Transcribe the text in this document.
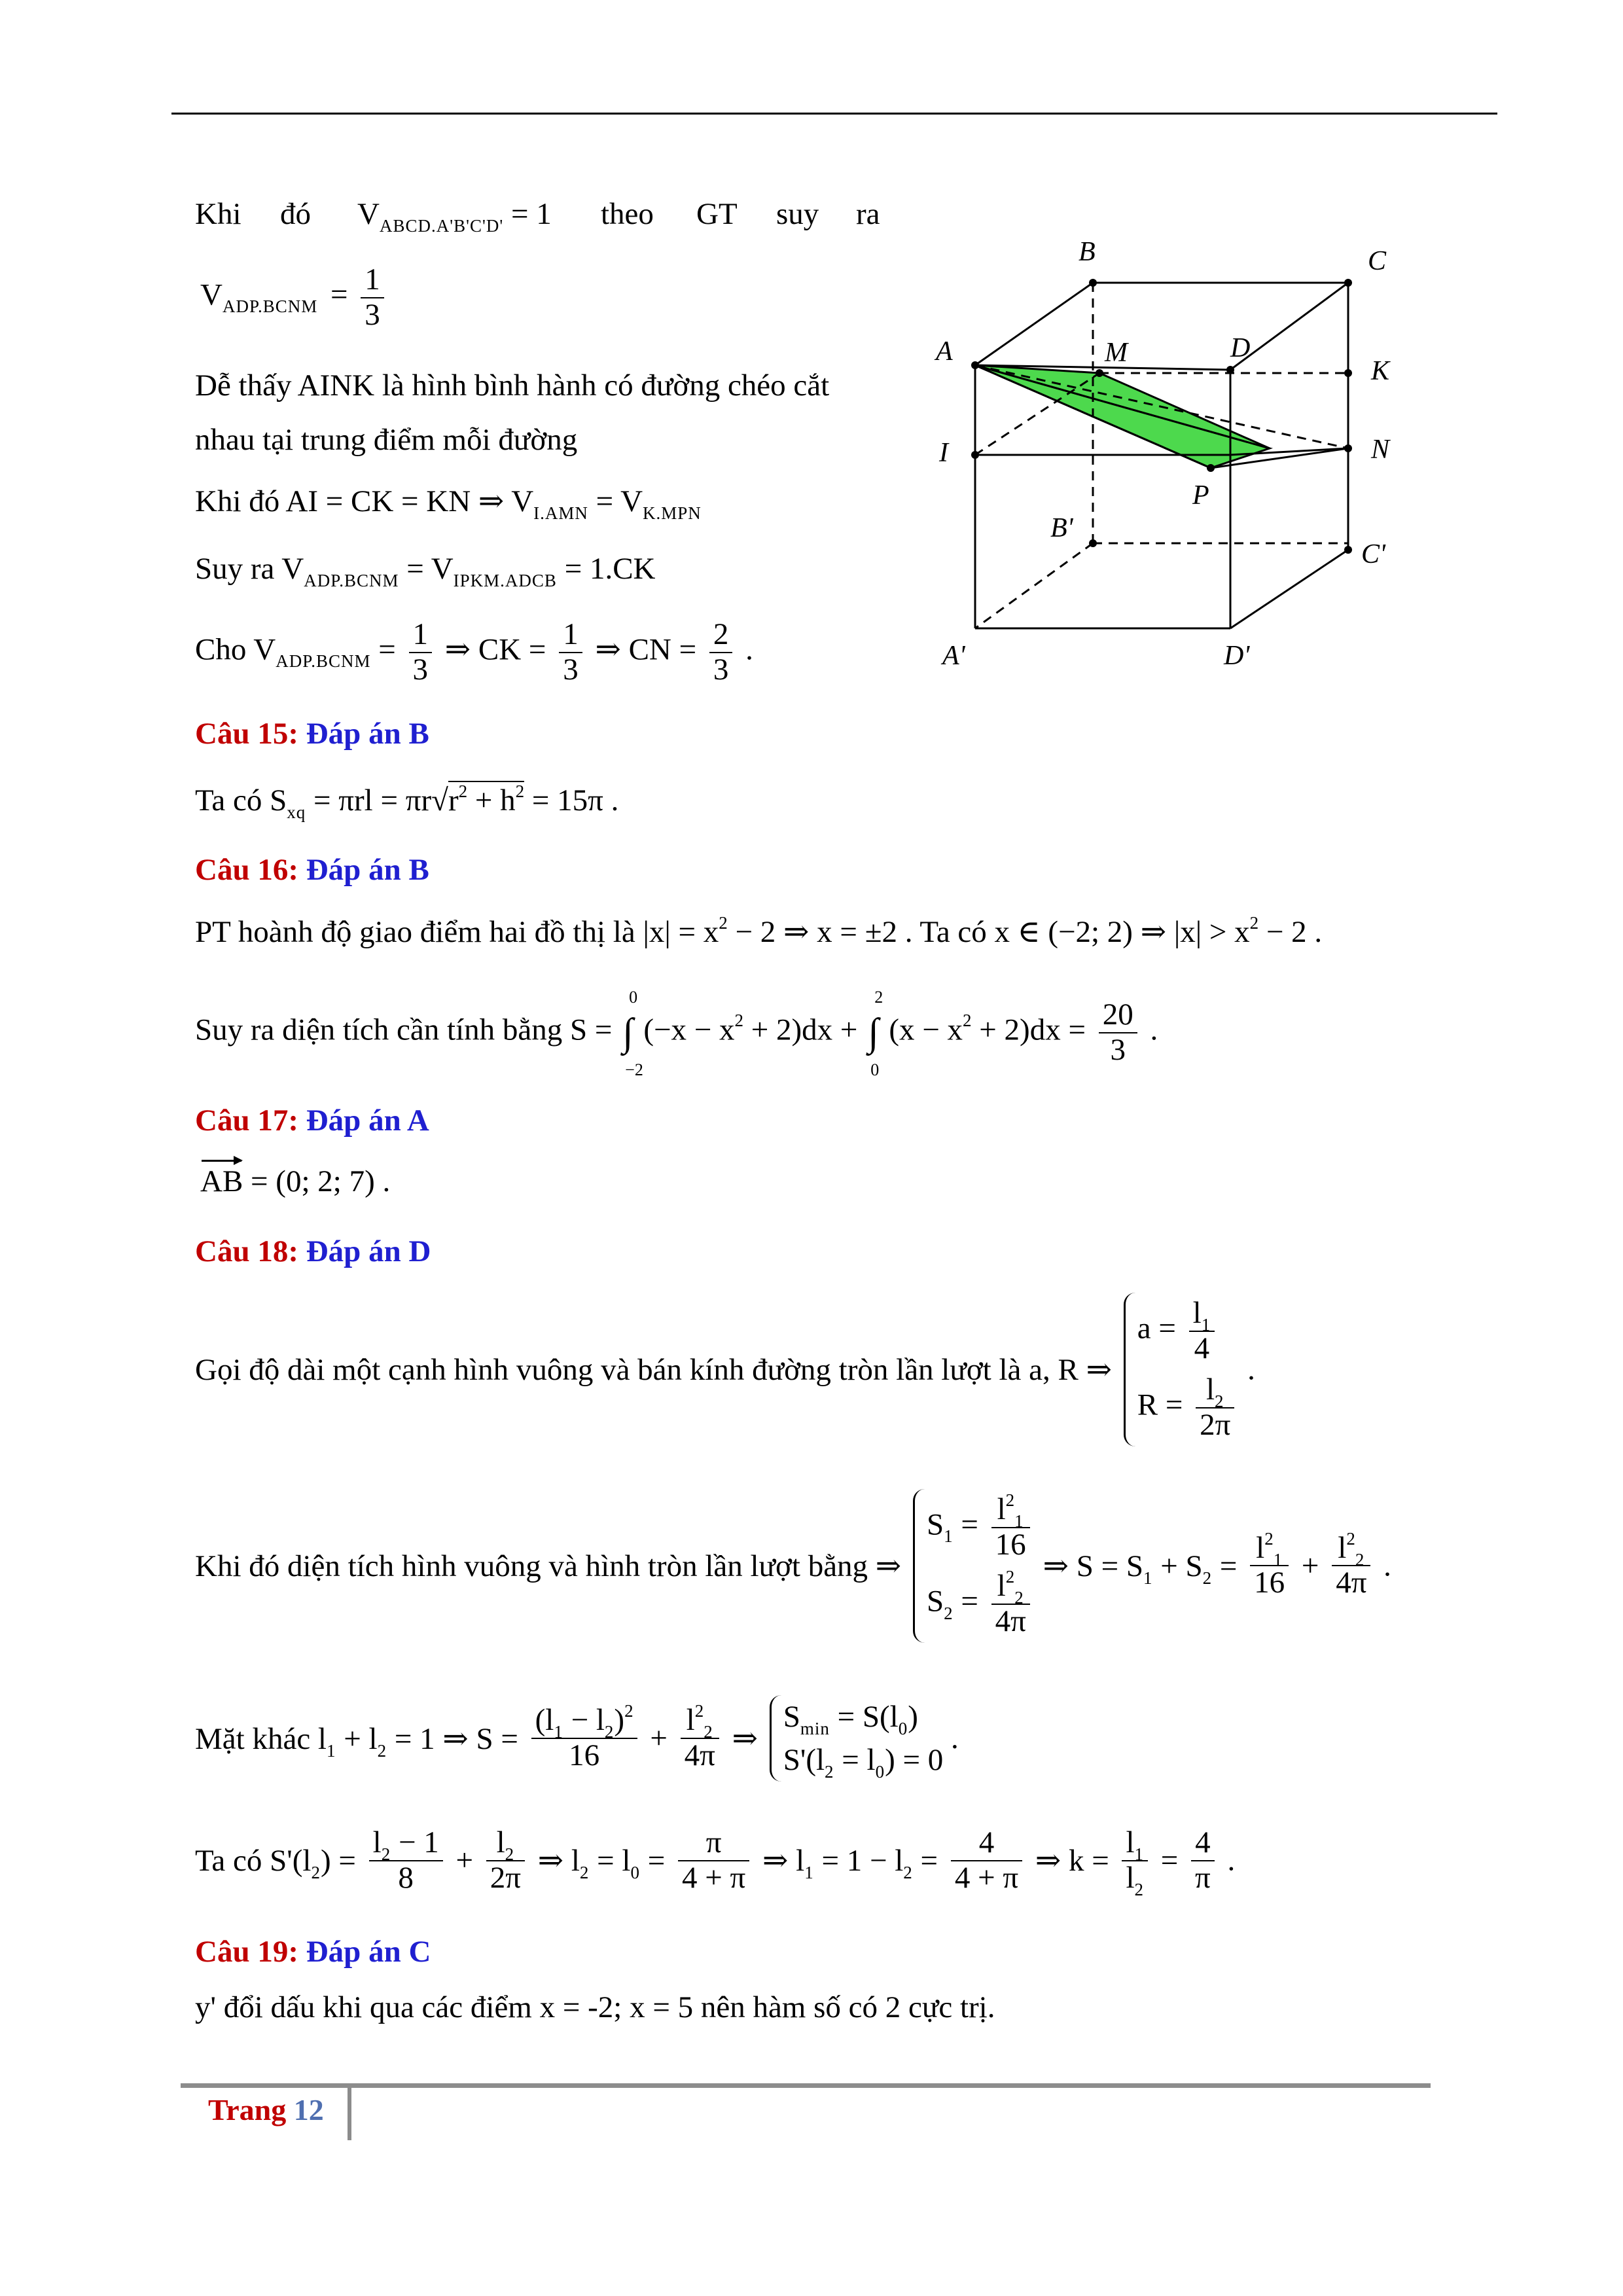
Khi đó $V_{ABCD.A'B'C'D'} = 1$ theo GT suy ra
$V_{ADP.BCNM} = \frac{1}{3}$
Dễ thấy AINK là hình bình hành có đường chéo cắt
nhau tại trung điểm mỗi đường
Khi đó AI = CK = KN ⇒ $V_{I.AMN} = V_{K.MPN}$
Suy ra $V_{ADP.BCNM} = V_{IPKM.ADCB} = 1.CK$
Cho $V_{ADP.BCNM} = \frac{1}{3}$ ⇒ CK = $\frac{1}{3}$ ⇒ CN = $\frac{2}{3}$ .
B	C
A	M	D
K
I	N
P
B'
C'
A'	D'
Câu 15: Đáp án B
Ta có $S_{xq} = \pi rl = \pi r√r^2 + h^2 = 15\pi$ .
Câu 16: Đáp án B
PT hoành độ giao điểm hai đồ thị là $|x| = x^2 - 2$ ⇒ x = ±2 . Ta có x ∈ (−2; 2) ⇒ $|x| > x^2 - 2$ .
Suy ra diện tích cần tính bằng S = ∫
0
−2
$(-x - x^2 + 2)dx$ + ∫
2
0
$(x - x^2 + 2)dx = \frac{20}{3}$ .
Câu 17: Đáp án A
AB = (0; 2; 7) .
Câu 18: Đáp án D
Gọi độ dài một cạnh hình vuông và bán kính đường tròn lần lượt là a, R ⇒
$a = \frac{l_1}{4}$
$R = \frac{l_2}{2\pi}$
.
Khi đó diện tích hình vuông và hình tròn lần lượt bằng ⇒
$S_1 = \frac{l^2_1}{16}$
$S_2 = \frac{l^2_2}{4\pi}$
⇒ $S = S_1 + S_2 = \frac{l^2_1}{16} + \frac{l^2_2}{4\pi}$ .
Mặt khác $l_1 + l_2 = 1$ ⇒ $S = \frac{(l_1 - l_2)^2}{16} + \frac{l^2_2}{4\pi}$ ⇒
$S_{min} = S(l_0)$
$S'(l_2 = l_0) = 0$
.
Ta có $S'(l_2) = \frac{l_2 - 1}{8} + \frac{l_2}{2\pi}$ ⇒ $l_2 = l_0 = \frac{\pi}{4 + \pi}$ ⇒ $l_1 = 1 - l_2 = \frac{4}{4 + \pi}$ ⇒ $k = \frac{l_1}{l_2} = \frac{4}{\pi}$ .
Câu 19: Đáp án C
y' đổi dấu khi qua các điểm x = -2; x = 5 nên hàm số có 2 cực trị.
Trang 12
